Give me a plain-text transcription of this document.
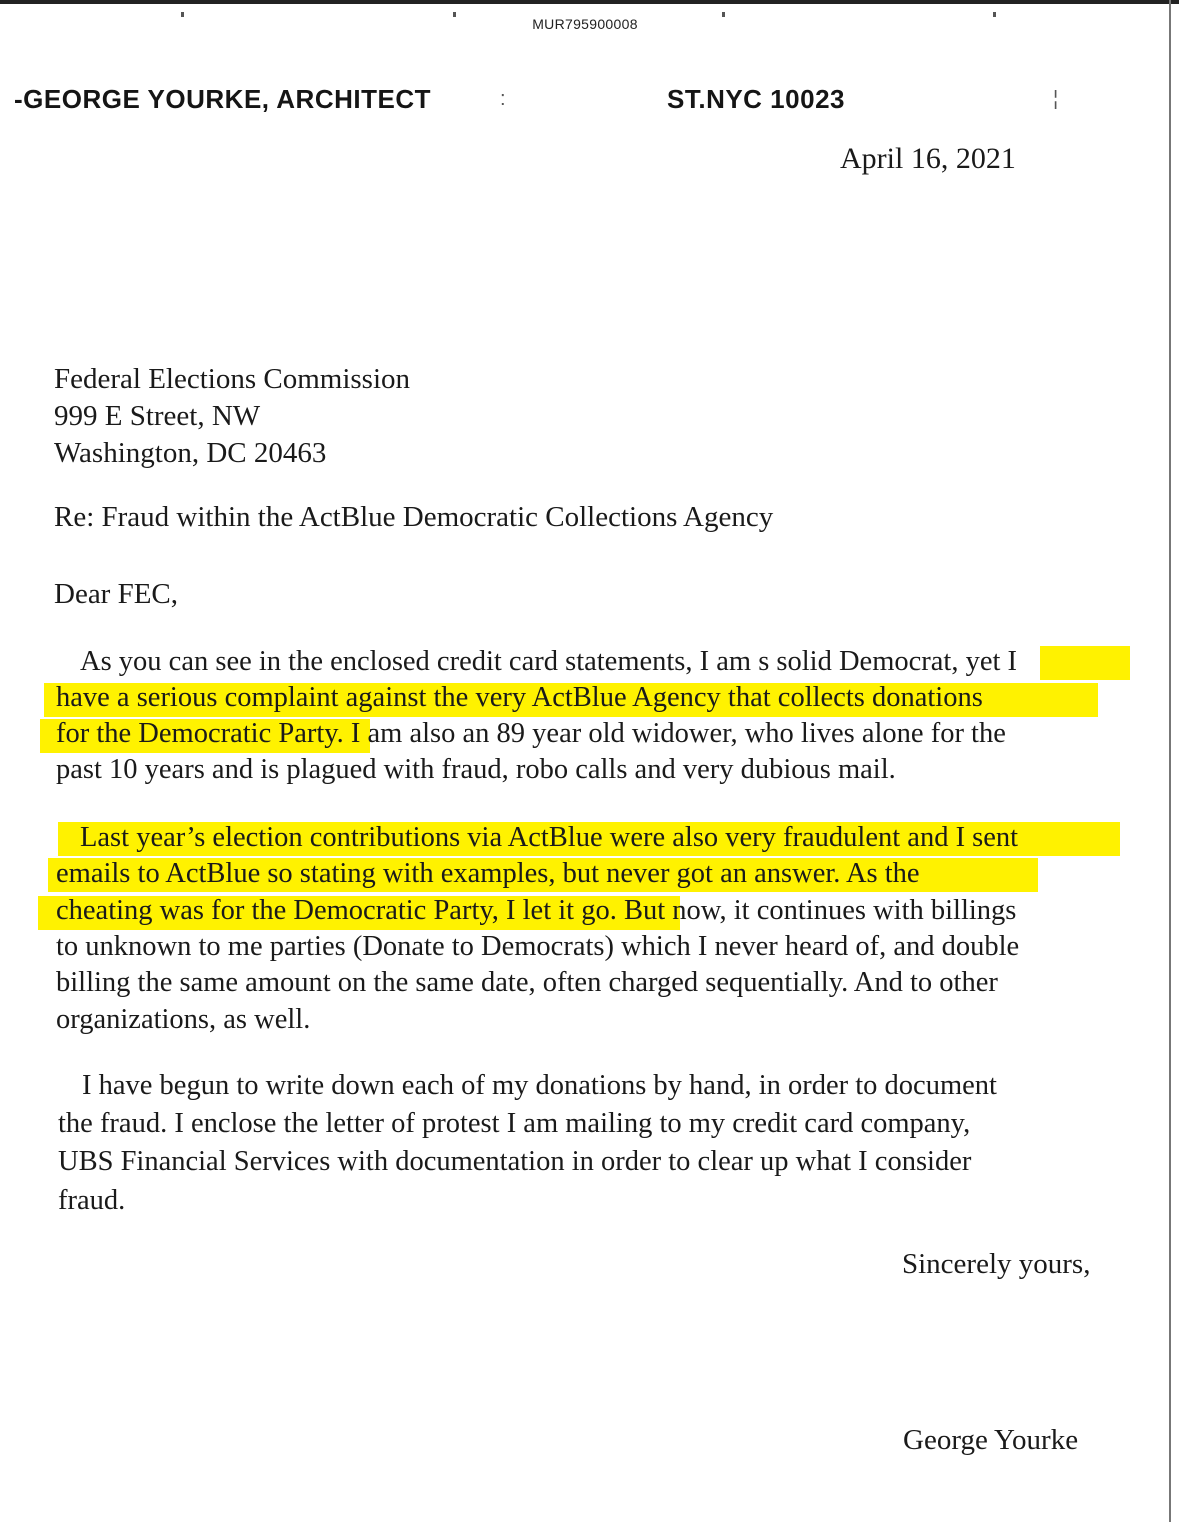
MUR795900008
-GEORGE YOURKE, ARCHITECT	:	ST.NYC 10023	¦
April 16, 2021
Federal Elections Commission
999 E Street, NW
Washington, DC 20463
Re: Fraud within the ActBlue Democratic Collections Agency
Dear FEC,
As you can see in the enclosed credit card statements, I am s solid Democrat, yet I
have a serious complaint against the very ActBlue Agency that collects donations
for the Democratic Party. I am also an 89 year old widower, who lives alone for the
past 10 years and is plagued with fraud, robo calls and very dubious mail.
Last year’s election contributions via ActBlue were also very fraudulent and I sent
emails to ActBlue so stating with examples, but never got an answer. As the
cheating was for the Democratic Party, I let it go. But now, it continues with billings
to unknown to me parties (Donate to Democrats) which I never heard of, and double
billing the same amount on the same date, often charged sequentially. And to other
organizations, as well.
I have begun to write down each of my donations by hand, in order to document
the fraud. I enclose the letter of protest I am mailing to my credit card company,
UBS Financial Services with documentation in order to clear up what I consider
fraud.
Sincerely yours,
George Yourke
